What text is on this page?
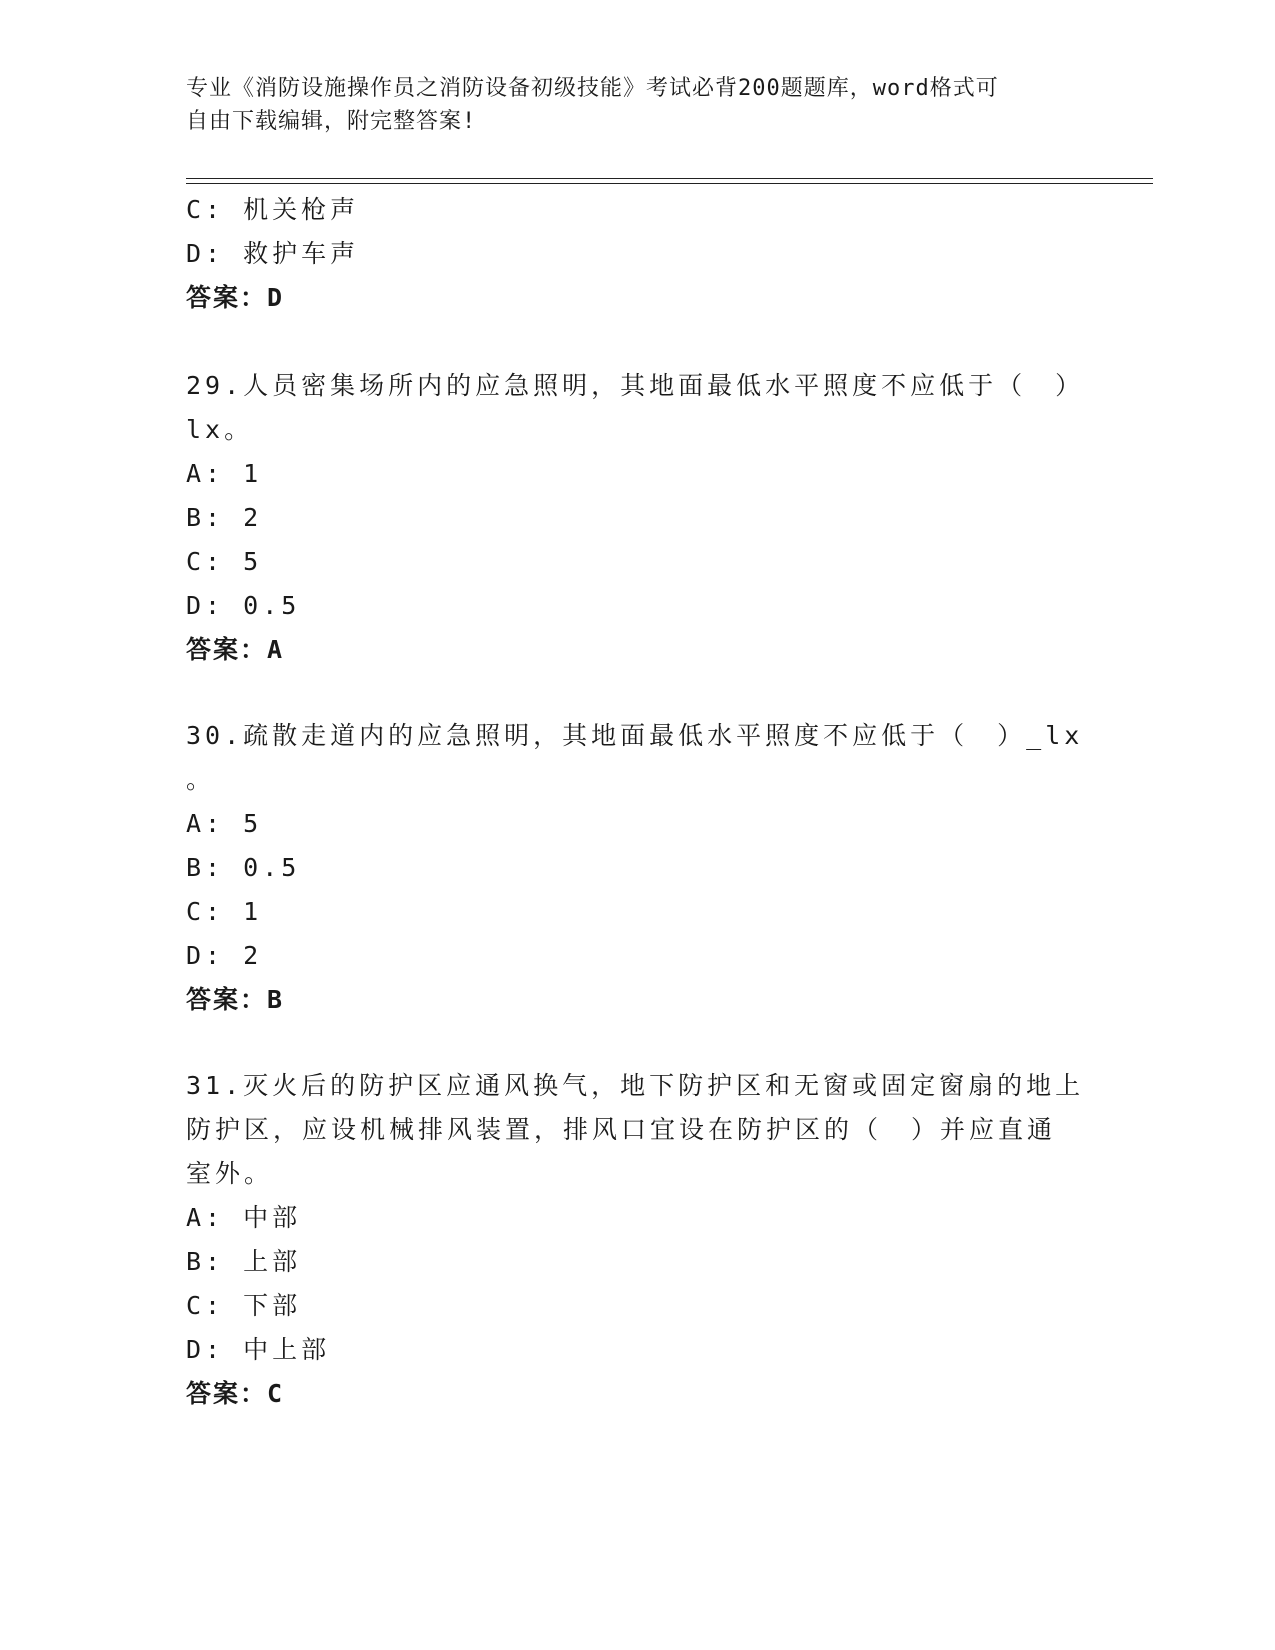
专业《消防设施操作员之消防设备初级技能》考试必背200题题库，word格式可
自由下载编辑，附完整答案!
C: 机关枪声
D: 救护车声
答案：D
29.人员密集场所内的应急照明，其地面最低水平照度不应低于（　）
lx。
A: 1
B: 2
C: 5
D: 0.5
答案：A
30.疏散走道内的应急照明，其地面最低水平照度不应低于（　）_lx
。
A: 5
B: 0.5
C: 1
D: 2
答案：B
31.灭火后的防护区应通风换气，地下防护区和无窗或固定窗扇的地上
防护区，应设机械排风装置，排风口宜设在防护区的（　）并应直通
室外。
A: 中部
B: 上部
C: 下部
D: 中上部
答案：C
